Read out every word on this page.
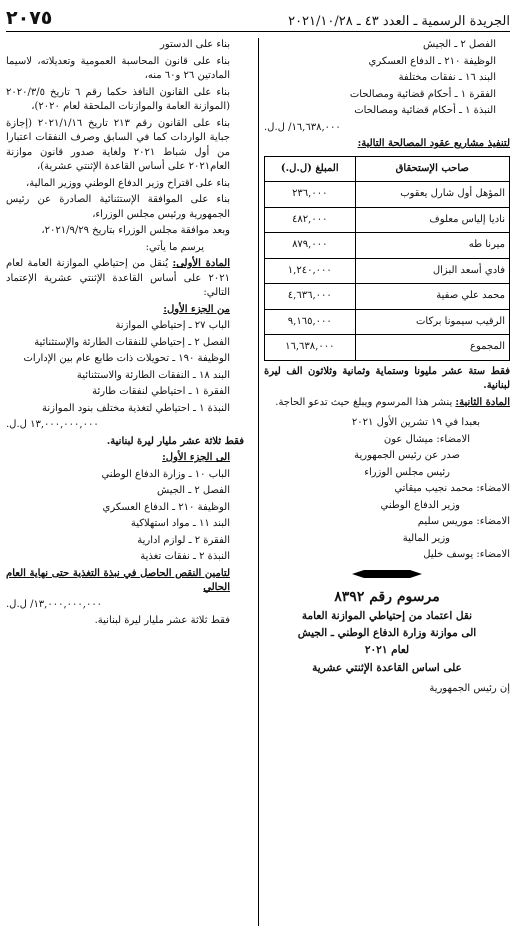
الجريدة الرسمية ـ العدد ٤٣ ـ ٢٠٢١/١٠/٢٨
٢٠٧٥

الفصل ٢ ـ الجيش

الوظيفة ٢١٠ ـ الدفاع العسكري

البند ١٦ ـ نفقات مختلفة

الفقرة ١ ـ أحكام قضائية ومصالحات

النبذة ١ ـ أحكام قضائية ومصالحات

١٦,٦٣٨,٠٠٠/ ل.ل.

لتنفيذ مشاريع عقود المصالحة التالية:

صاحب الإستحقاق	المبلغ (ل.ل.)
المؤهل أول شارل يعقوب	٢٣٦,٠٠٠
ناديا إلياس معلوف	٤٨٢,٠٠٠
ميرنا طه	٨٧٩,٠٠٠
فادي أسعد البزال	١,٢٤٠,٠٠٠
محمد علي صفية	٤,٦٣٦,٠٠٠
الرقيب سيمونا بركات	٩,١٦٥,٠٠٠
المجموع	١٦,٦٣٨,٠٠٠

فقط ستة عشر مليونا وستماية وثمانية وثلاثون الف ليرة لبنانية.

المادة الثانية: ينشر هذا المرسوم ويبلغ حيث تدعو الحاجة.

بعبدا في ١٩ تشرين الأول ٢٠٢١

الامضاء: ميشال عون

صدر عن رئيس الجمهورية

رئيس مجلس الوزراء

الامضاء: محمد نجيب ميقاتي

وزير الدفاع الوطني

الامضاء: موريس سليم

وزير المالية

الامضاء: يوسف خليل

مرسوم رقم ٨٣٩٢

نقل اعتماد من إحتياطي الموازنة العامة

الى موازنة وزارة الدفاع الوطني ـ الجيش

لعام ٢٠٢١

على اساس القاعدة الإثنتي عشرية

إن رئيس الجمهورية

بناء على الدستور

بناء على قانون المحاسبة العمومية وتعديلاته، لاسيما المادتين ٢٦ و٦٠ منه،

بناء على القانون النافذ حكما رقم ٦ تاريخ ٢٠٢٠/٣/٥ (الموازنة العامة والموازنات الملحقة لعام ٢٠٢٠)،

بناء على القانون رقم ٢١٣ تاريخ ٢٠٢١/١/١٦ (إجازة جباية الواردات كما في السابق وصرف النفقات اعتبارا من أول شباط ٢٠٢١ ولغاية صدور قانون موازنة العام٢٠٢١ على أساس القاعدة الإثنتي عشرية)،

بناء على اقتراح وزير الدفاع الوطني ووزير المالية،

بناء على الموافقة الإستثنائية الصادرة عن رئيس الجمهورية ورئيس مجلس الوزراء،

وبعد موافقة مجلس الوزراء بتاريخ ٢٠٢١/٩/٢٩،

يرسم ما يأتي:

المادة الأولى: يُنقل من إحتياطي الموازنة العامة لعام ٢٠٢١ على أساس القاعدة الإثنتي عشرية الإعتماد التالي:

من الجزء الأول:

الباب ٢٧ ـ إحتياطي الموازنة

الفصل ٢ ـ إحتياطي للنفقات الطارئة والإستثنائية

الوظيفة ١٩٠ ـ تحويلات ذات طابع عام بين الإدارات

البند ١٨ ـ النفقات الطارئة والاستثنائية

الفقرة ١ ـ احتياطي لنفقات طارئة

النبذة ١ ـ احتياطي لتغذية مختلف بنود الموازنة

١٣,٠٠٠,٠٠٠,٠٠٠ ل.ل.

فقط ثلاثة عشر مليار ليرة لبنانية.

الى الجزء الأول:

الباب ١٠ ـ وزارة الدفاع الوطني

الفصل ٢ ـ الجيش

الوظيفة ٢١٠ ـ الدفاع العسكري

البند ١١ ـ مواد استهلاكية

الفقرة ٢ ـ لوازم ادارية

النبذة ٢ ـ نفقات تغذية

لتامين النقص الحاصل في نبذة التغذية حتى نهاية العام الحالي

١٣,٠٠٠,٠٠٠,٠٠٠/ ل.ل.

فقط ثلاثة عشر مليار ليرة لبنانية.
